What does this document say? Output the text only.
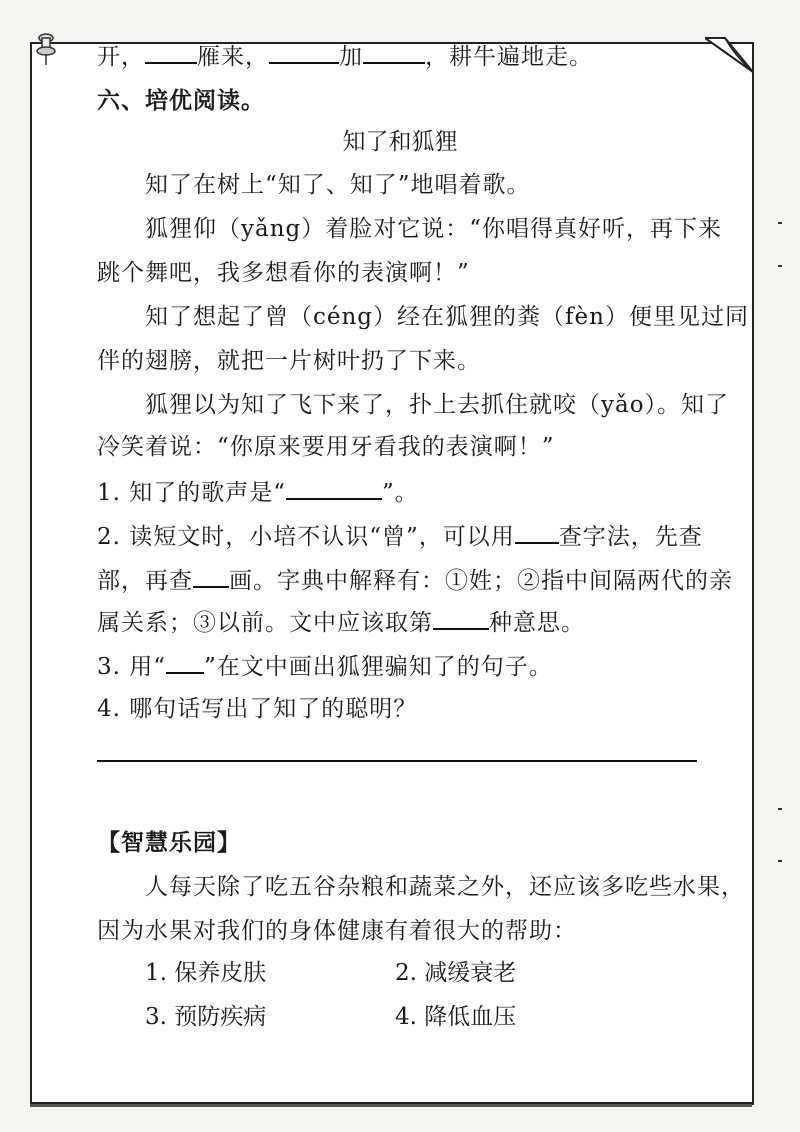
开， 雁来，	加	，耕牛遍地走。
六、培优阅读。
知了和狐狸
知了在树上“知了、知了”地唱着歌。
狐狸仰（yǎng）着脸对它说：“你唱得真好听，再下来
跳个舞吧，我多想看你的表演啊！”
知了想起了曾（céng）经在狐狸的粪（fèn）便里见过同
伴的翅膀，就把一片树叶扔了下来。
狐狸以为知了飞下来了，扑上去抓住就咬（yǎo）。知了
冷笑着说：“你原来要用牙看我的表演啊！”
1. 知了的歌声是“	”。
2. 读短文时，小培不认识“曾”，可以用 查字法，先查
部，再查 画。字典中解释有：①姓；②指中间隔两代的亲
属关系；③以前。文中应该取第 种意思。
3. 用“ ”在文中画出狐狸骗知了的句子。
4. 哪句话写出了知了的聪明？
【智慧乐园】
人每天除了吃五谷杂粮和蔬菜之外，还应该多吃些水果，
因为水果对我们的身体健康有着很大的帮助：
1. 保养皮肤	2. 减缓衰老
3. 预防疾病	4. 降低血压
